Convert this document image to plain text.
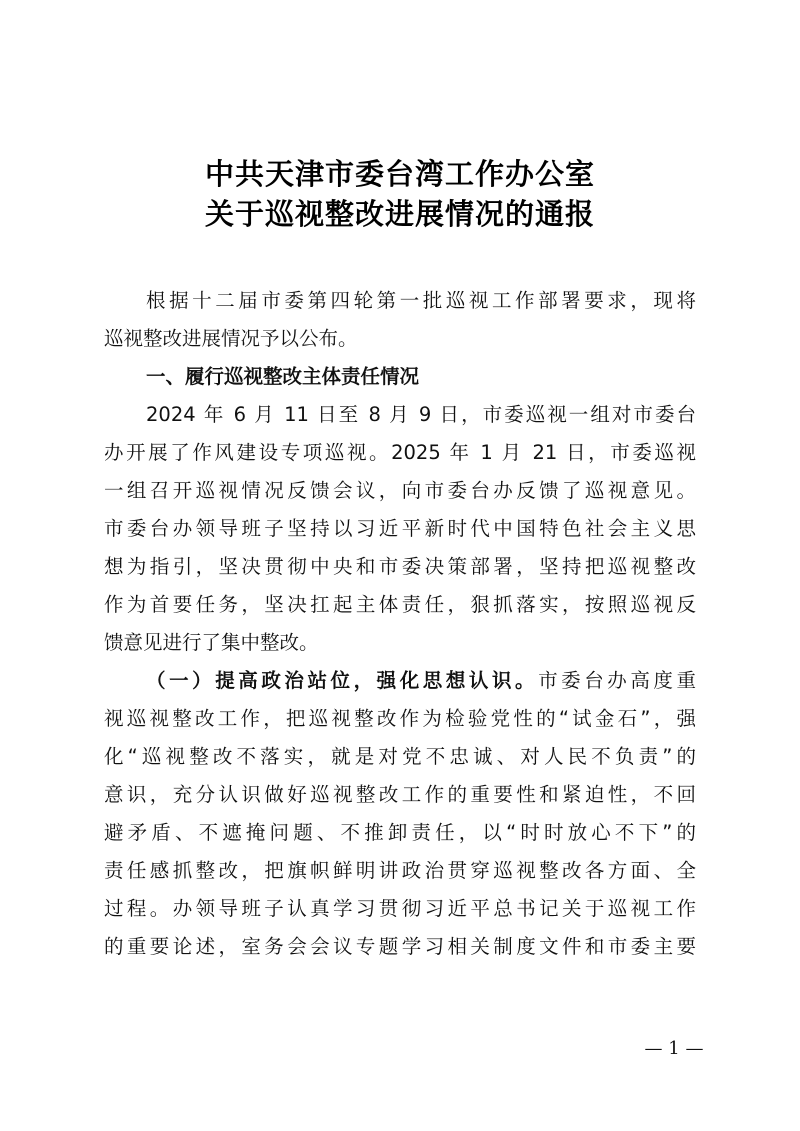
中共天津市委台湾工作办公室
关于巡视整改进展情况的通报
根据十二届市委第四轮第一批巡视工作部署要求，现将
巡视整改进展情况予以公布。
一、履行巡视整改主体责任情况
2024 年 6 月 11 日至 8 月 9 日，市委巡视一组对市委台
办开展了作风建设专项巡视。2025 年 1 月 21 日，市委巡视
一组召开巡视情况反馈会议，向市委台办反馈了巡视意见。
市委台办领导班子坚持以习近平新时代中国特色社会主义思
想为指引，坚决贯彻中央和市委决策部署，坚持把巡视整改
作为首要任务，坚决扛起主体责任，狠抓落实，按照巡视反
馈意见进行了集中整改。
（一）提高政治站位，强化思想认识。市委台办高度重
视巡视整改工作，把巡视整改作为检验党性的“试金石”，强
化“巡视整改不落实，就是对党不忠诚、对人民不负责”的
意识，充分认识做好巡视整改工作的重要性和紧迫性，不回
避矛盾、不遮掩问题、不推卸责任，以“时时放心不下”的
责任感抓整改，把旗帜鲜明讲政治贯穿巡视整改各方面、全
过程。办领导班子认真学习贯彻习近平总书记关于巡视工作
的重要论述，室务会会议专题学习相关制度文件和市委主要
— 1 —
